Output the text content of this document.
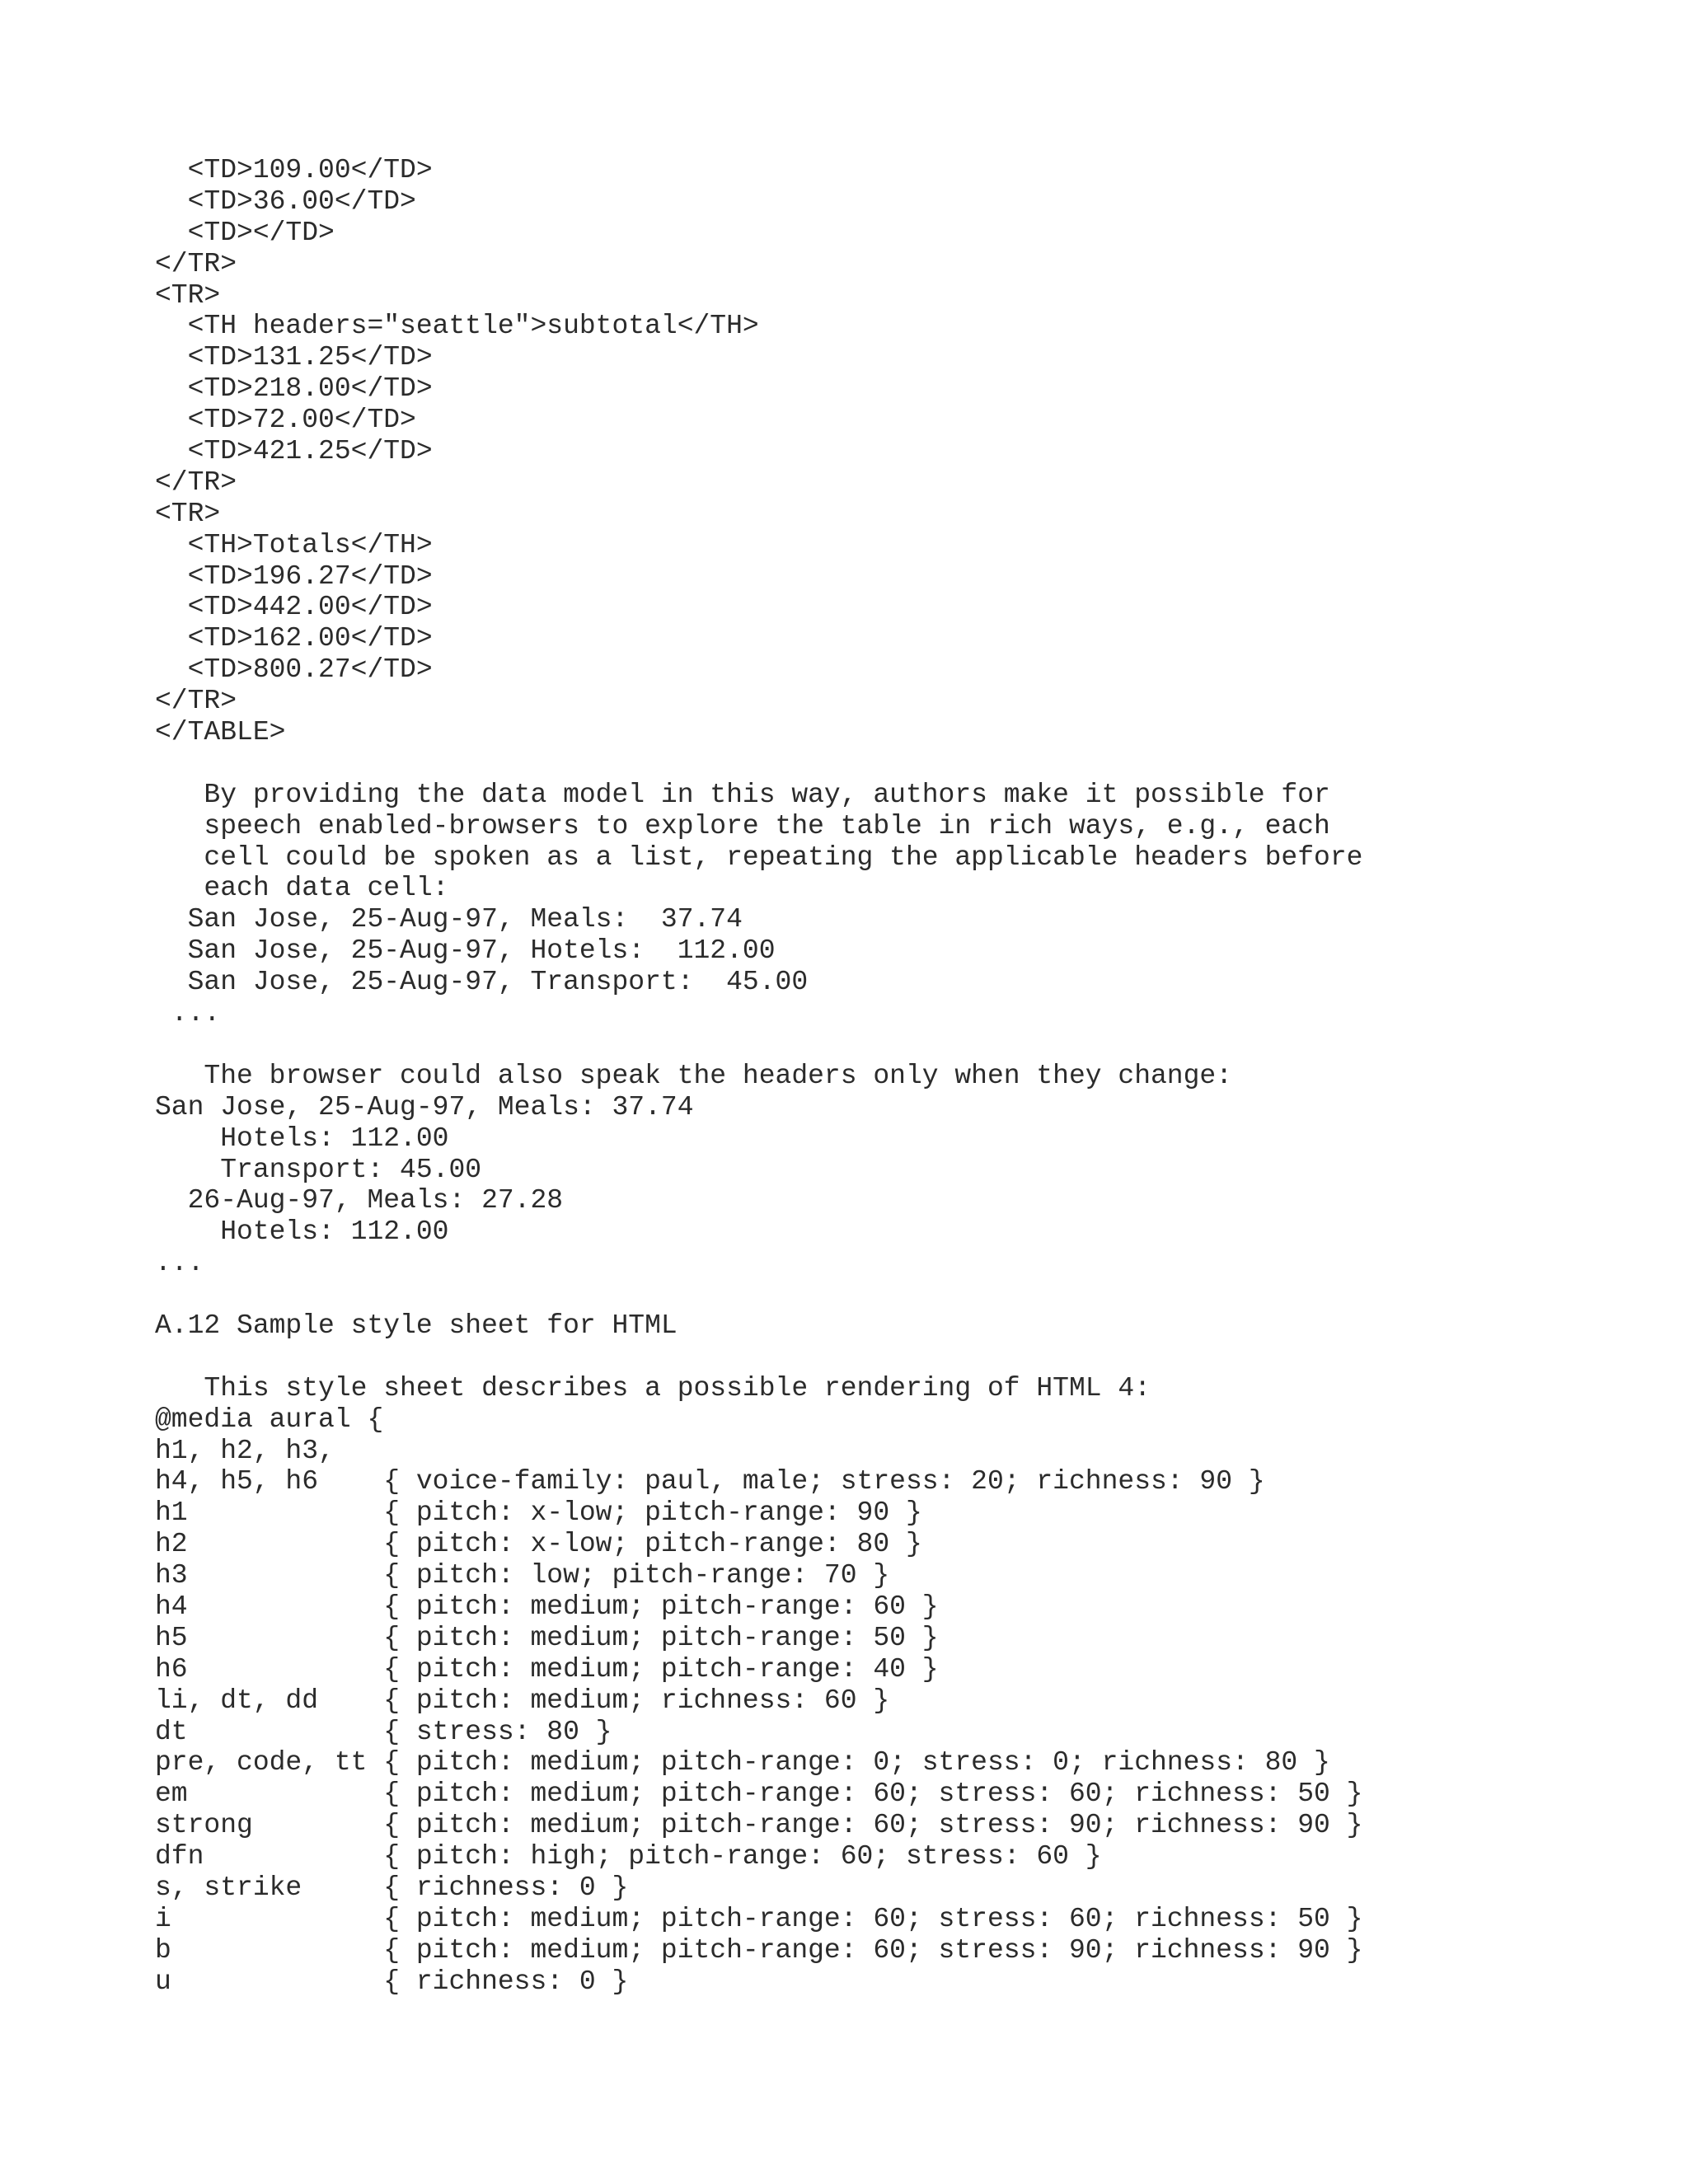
<TD>109.00</TD>
<TD>36.00</TD>
<TD></TD>
</TR>
<TR>
<TH headers="seattle">subtotal</TH>
<TD>131.25</TD>
<TD>218.00</TD>
<TD>72.00</TD>
<TD>421.25</TD>
</TR>
<TR>
<TH>Totals</TH>
<TD>196.27</TD>
<TD>442.00</TD>
<TD>162.00</TD>
<TD>800.27</TD>
</TR>
</TABLE>
By providing the data model in this way, authors make it possible for
speech enabled-browsers to explore the table in rich ways, e.g., each
cell could be spoken as a list, repeating the applicable headers before
each data cell:
San Jose, 25-Aug-97, Meals:  37.74
San Jose, 25-Aug-97, Hotels:  112.00
San Jose, 25-Aug-97, Transport:  45.00
...
The browser could also speak the headers only when they change:
San Jose, 25-Aug-97, Meals: 37.74
Hotels: 112.00
Transport: 45.00
26-Aug-97, Meals: 27.28
Hotels: 112.00
...
A.12 Sample style sheet for HTML
This style sheet describes a possible rendering of HTML 4:
@media aural {
h1, h2, h3,
h4, h5, h6    { voice-family: paul, male; stress: 20; richness: 90 }
h1            { pitch: x-low; pitch-range: 90 }
h2            { pitch: x-low; pitch-range: 80 }
h3            { pitch: low; pitch-range: 70 }
h4            { pitch: medium; pitch-range: 60 }
h5            { pitch: medium; pitch-range: 50 }
h6            { pitch: medium; pitch-range: 40 }
li, dt, dd    { pitch: medium; richness: 60 }
dt            { stress: 80 }
pre, code, tt { pitch: medium; pitch-range: 0; stress: 0; richness: 80 }
em            { pitch: medium; pitch-range: 60; stress: 60; richness: 50 }
strong        { pitch: medium; pitch-range: 60; stress: 90; richness: 90 }
dfn           { pitch: high; pitch-range: 60; stress: 60 }
s, strike     { richness: 0 }
i             { pitch: medium; pitch-range: 60; stress: 60; richness: 50 }
b             { pitch: medium; pitch-range: 60; stress: 90; richness: 90 }
u             { richness: 0 }
